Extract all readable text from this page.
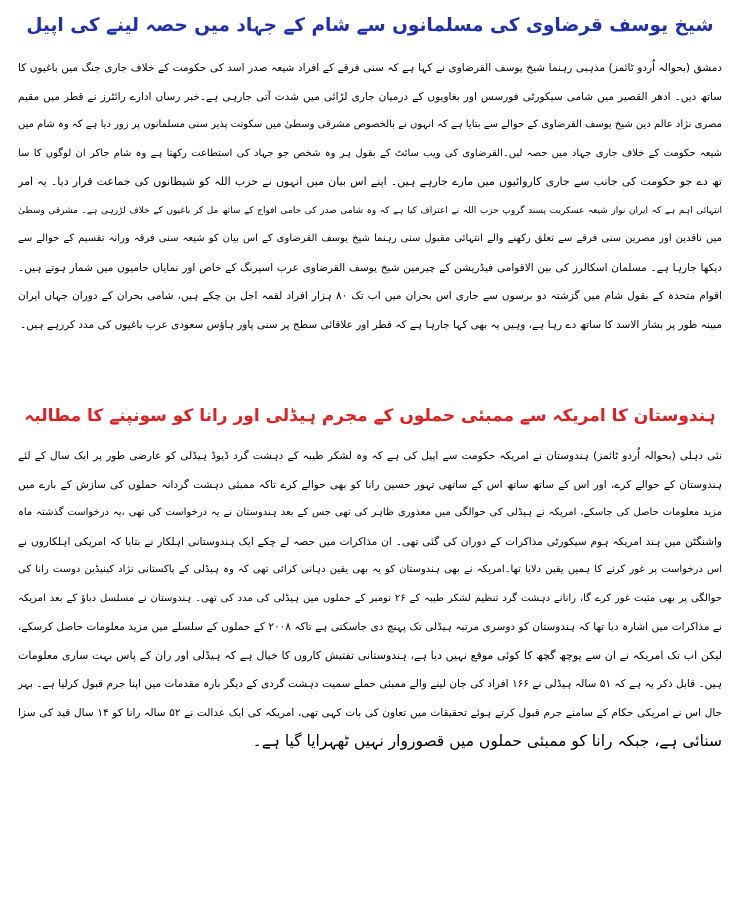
شیخ یوسف قرضاوی کی مسلمانوں سے شام کے جہاد میں حصہ لینے کی اپیل
دمشق (بحوالہ اُردو ٹائمز) مذہبی رہنما شیخ یوسف القرضاوی نے کہا ہے کہ سنی فرقے کے افراد شیعہ صدر اسد کی حکومت کے خلاف جاری جنگ میں باغیوں کا
ساتھ دیں۔ ادھر القصیر میں شامی سیکورٹی فورسس اور بغاویوں کے درمیان جاری لڑائی میں شدت آتی جارہی ہے۔خبر رساں ادارے رائٹرز نے قطر میں مقیم
مصری نژاد عالم دین شیخ یوسف القرضاوی کے حوالے سے بتایا ہے کہ انہوں نے بالخصوص مشرقی وسطیٰ میں سکونت پذیر سنی مسلمانوں پر زور دیا ہے کہ وہ شام میں
شیعہ حکومت کے خلاف جاری جہاد میں حصہ لیں۔القرضاوی کی ویب سائٹ کے بقول ہر وہ شخص جو جہاد کی استطاعت رکھتا ہے وہ شام جاکر ان لوگوں کا سا
تھ دے جو حکومت کی جانب سے جاری کاروائیوں میں مارے جارہے ہیں۔ اپنے اس بیان میں انہوں نے حزب اللہ کو شیطانوں کی جماعت قرار دیا۔ یہ امر
انتہائی اہم ہے کہ ایران نواز شیعہ عسکریت پسند گروپ حزب اللہ نے اعتراف کیا ہے کہ وہ شامی صدر کی حامی افواج کے ساتھ مل کر باغیوں کے خلاف لڑرہی ہے۔ مشرقی وسطیٰ
میں ناقدین اور مصرین سنی فرقے سے تعلق رکھنے والے انتہائی مقبول سنی رہنما شیخ یوسف القرضاوی کے اس بیان کو شیعہ سنی فرقہ ورانہ تقسیم کے حوالے سے
دیکھا جارہا ہے۔ مسلمان اسکالرز کی بین الاقوامی فیڈریشن کے چیرمین شیخ یوسف القرضاوی عرب اسپرنگ کے خاص اور نمایاں حامیوں میں شمار ہوتے ہیں۔
اقوام متحدہ کے بقول شام میں گزشتہ دو برسوں سے جاری اس بحران میں اب تک ۸۰ ہزار افراد لقمہ اجل بن چکے ہیں، شامی بحران کے دوران جہاں ایران
مبینہ طور پر بشار الاسد کا ساتھ دے رہا ہے، وہیں یہ بھی کہا جارہا ہے کہ قطر اور علاقائی سطح پر سنی پاور ہاؤس سعودی عرب باغیوں کی مدد کررہے ہیں۔
ہندوستان کا امریکہ سے ممبئی حملوں کے مجرم ہیڈلی اور رانا کو سونپنے کا مطالبہ
نئی دہلی (بحوالہ اُردو ٹائمز) ہندوستان نے امریکہ حکومت سے اپیل کی ہے کہ وہ لشکر طیبہ کے دہشت گرد ڈیوڈ ہیڈلی کو عارضی طور پر ایک سال کے لئے
ہندوستان کے حوالے کرے، اور اس کے ساتھ ساتھ اس کے ساتھی تہور حسین رانا کو بھی حوالے کرے تاکہ ممبئی دہشت گردانہ حملوں کی سازش کے بارے میں
مزید معلومات حاصل کی جاسکے، امریکہ نے ہیڈلی کی حوالگی میں معذوری ظاہر کی تھی جس کے بعد ہندوستان نے یہ درخواست کی تھی ،یہ درخواست گذشتہ ماہ
واشنگٹن میں ہند امریکہ ہوم سیکورٹی مذاکرات کے دوران کی گئی تھی۔ ان مذاکرات میں حصہ لے چکے ایک ہندوستانی اہلکار نے بتایا کہ امریکی اہلکاروں نے
اس درخواست پر غور کرنے کا ہمیں یقین دلایا تھا۔امریکہ نے بھی ہندوستان کو یہ بھی یقین دہانی کرائی تھی کہ وہ ہیڈلی کے پاکستانی نژاد کینیڈین دوست رانا کی
حوالگی پر بھی مثبت غور کرے گا، رانانے دہشت گرد تنظیم لشکر طیبہ کے ۲۶ نومبر کے حملوں میں ہیڈلی کی مدد کی تھی۔ ہندوستان نے مسلسل دباؤ کے بعد امریکہ
نے مذاکرات میں اشارہ دیا تھا کہ ہندوستان کو دوسری مرتبہ ہیڈلی تک پہنچ دی جاسکتی ہے تاکہ ۲۰۰۸ کے حملوں کے سلسلے میں مزید معلومات حاصل کرسکے،
لیکن اب تک امریکہ نے ان سے پوچھ گچھ کا کوئی موقع نہیں دیا ہے، ہندوستانی تفتیش کاروں کا خیال ہے کہ ہیڈلی اور ران کے پاس بہت ساری معلومات
ہیں۔ قابل ذکر یہ ہے کہ ۵۱ سالہ ہیڈلی نے ۱۶۶ افراد کی جان لینے والے ممبئی حملے سمیت دہشت گردی کے دیگر بارہ مقدمات میں اپنا جرم قبول کرلیا ہے۔ بہر
حال اس نے امریکی حکام کے سامنے جرم قبول کرتے ہوئے تحقیقات میں تعاون کی بات کہی تھی، امریکہ کی ایک عدالت نے ۵۲ سالہ رانا کو ۱۴ سال قید کی سزا
سنائی ہے، جبکہ رانا کو ممبئی حملوں میں قصوروار نہیں ٹھہرایا گیا ہے۔
